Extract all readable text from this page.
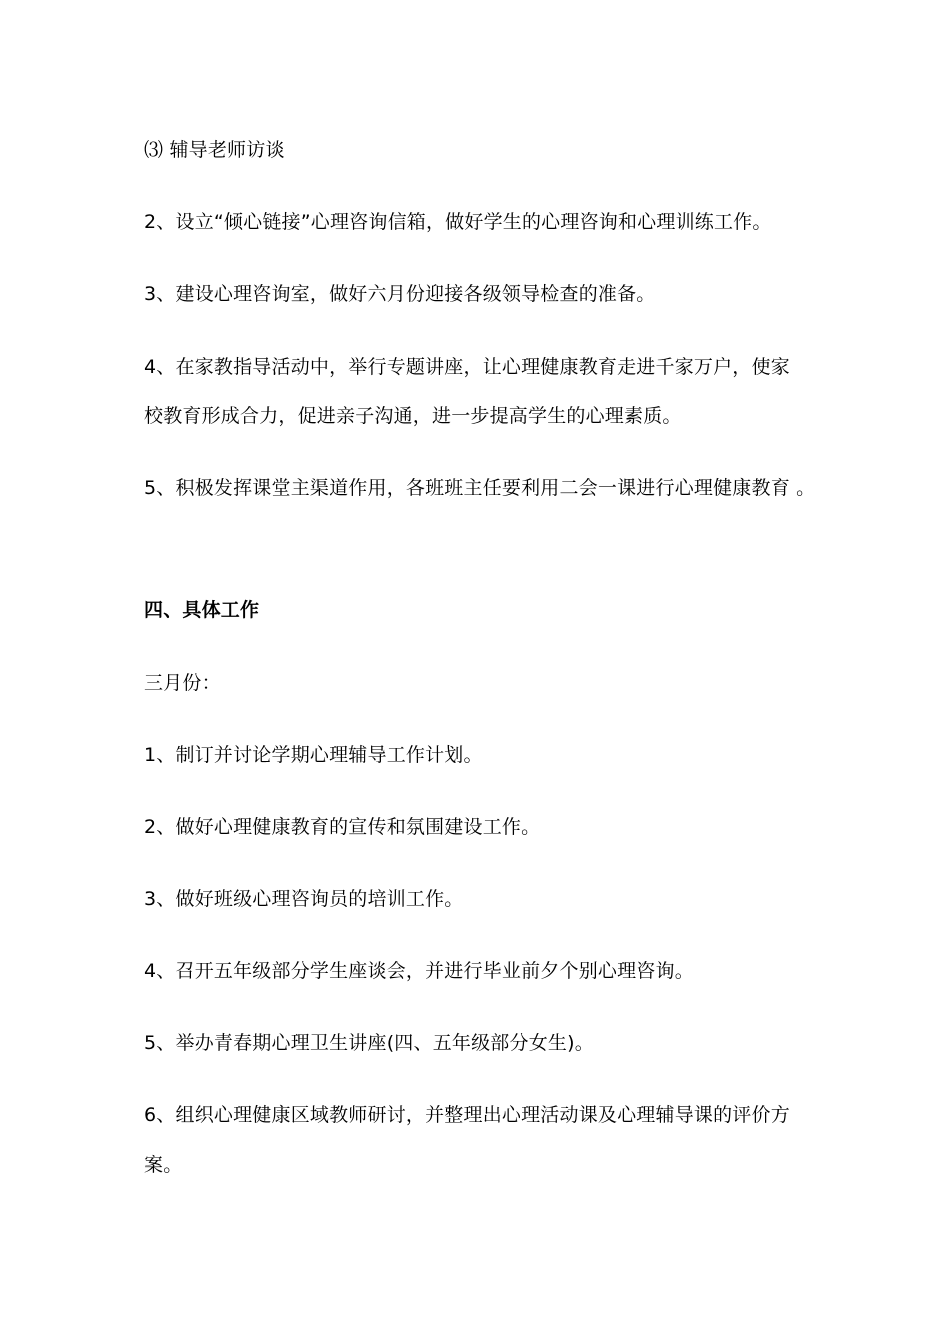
⑶ 辅导老师访谈
2、设立“倾心链接”心理咨询信箱，做好学生的心理咨询和心理训练工作。
3、建设心理咨询室，做好六月份迎接各级领导检查的准备。
4、在家教指导活动中，举行专题讲座，让心理健康教育走进千家万户，使家
校教育形成合力，促进亲子沟通，进一步提高学生的心理素质。
5、积极发挥课堂主渠道作用，各班班主任要利用二会一课进行心理健康教育 。
四、具体工作
三月份：
1、制订并讨论学期心理辅导工作计划。
2、做好心理健康教育的宣传和氛围建设工作。
3、做好班级心理咨询员的培训工作。
4、召开五年级部分学生座谈会，并进行毕业前夕个别心理咨询。
5、举办青春期心理卫生讲座(四、五年级部分女生)。
6、组织心理健康区域教师研讨，并整理出心理活动课及心理辅导课的评价方
案。
